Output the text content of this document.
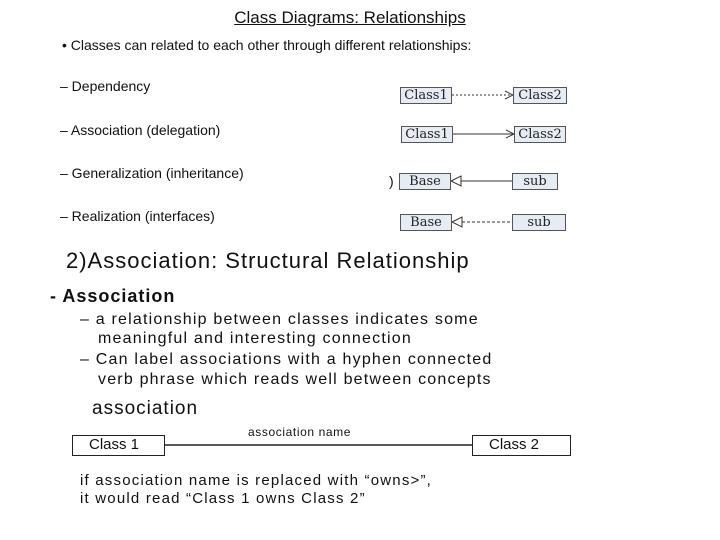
Class Diagrams: Relationships
• Classes can related to each other through different relationships:
– Dependency
– Association (delegation)
– Generalization (inheritance)
– Realization (interfaces)
Class1	Class2
Class1	Class2
)	Base	sub
Base	sub
2)Association: Structural Relationship
- Association
– a relationship between classes indicates some
meaningful and interesting connection
– Can label associations with a hyphen connected
verb phrase which reads well between concepts
association
association name
Class 1	Class 2
if association name is replaced with “owns>”,
it would read “Class 1 owns Class 2”
